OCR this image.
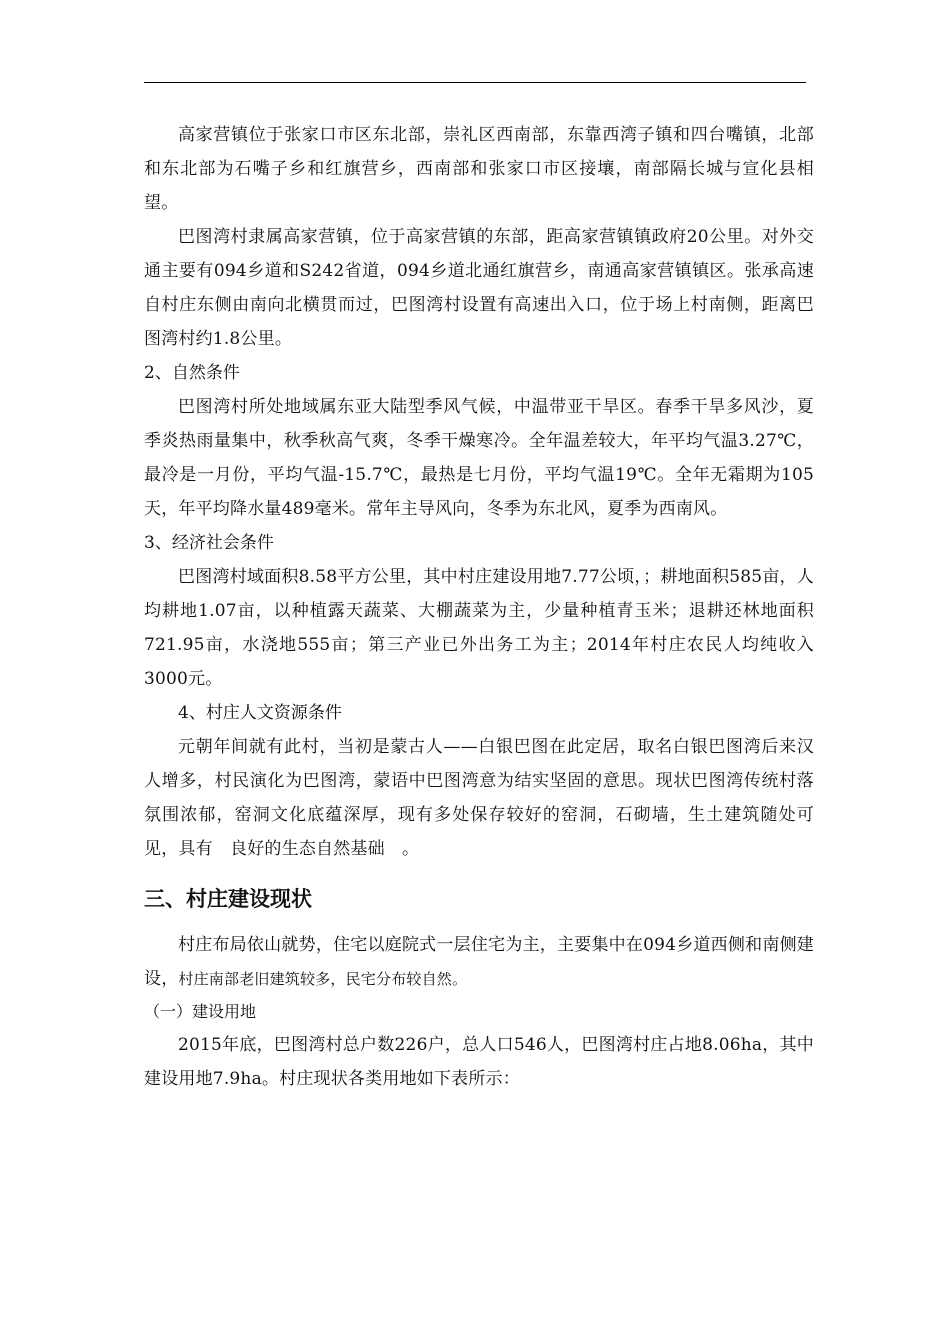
高家营镇位于张家口市区东北部，崇礼区西南部，东靠西湾子镇和四台嘴镇，北部和东北部为石嘴子乡和红旗营乡，西南部和张家口市区接壤，南部隔长城与宣化县相望。

巴图湾村隶属高家营镇，位于高家营镇的东部，距高家营镇镇政府20公里。对外交通主要有094乡道和S242省道，094乡道北通红旗营乡，南通高家营镇镇区。张承高速自村庄东侧由南向北横贯而过，巴图湾村设置有高速出入口，位于场上村南侧，距离巴图湾村约1.8公里。

2、自然条件

巴图湾村所处地域属东亚大陆型季风气候，中温带亚干旱区。春季干旱多风沙，夏季炎热雨量集中，秋季秋高气爽，冬季干燥寒冷。全年温差较大，年平均气温3.27℃，最冷是一月份，平均气温-15.7℃，最热是七月份，平均气温19℃。全年无霜期为105天，年平均降水量489毫米。常年主导风向，冬季为东北风，夏季为西南风。

3、经济社会条件

巴图湾村域面积8.58平方公里，其中村庄建设用地7.77公顷，；耕地面积585亩，人均耕地1.07亩，以种植露天蔬菜、大棚蔬菜为主，少量种植青玉米；退耕还林地面积721.95亩，水浇地555亩；第三产业已外出务工为主；2014年村庄农民人均纯收入3000元。

4、村庄人文资源条件

元朝年间就有此村，当初是蒙古人——白银巴图在此定居，取名白银巴图湾后来汉人增多，村民演化为巴图湾，蒙语中巴图湾意为结实坚固的意思。现状巴图湾传统村落氛围浓郁，窑洞文化底蕴深厚，现有多处保存较好的窑洞，石砌墙，生土建筑随处可见，具有　良好的生态自然基础　。

三、村庄建设现状

村庄布局依山就势，住宅以庭院式一层住宅为主，主要集中在094乡道西侧和南侧建设，村庄南部老旧建筑较多，民宅分布较自然。

（一）建设用地

2015年底，巴图湾村总户数226户，总人口546人，巴图湾村庄占地8.06ha，其中建设用地7.9ha。村庄现状各类用地如下表所示：
